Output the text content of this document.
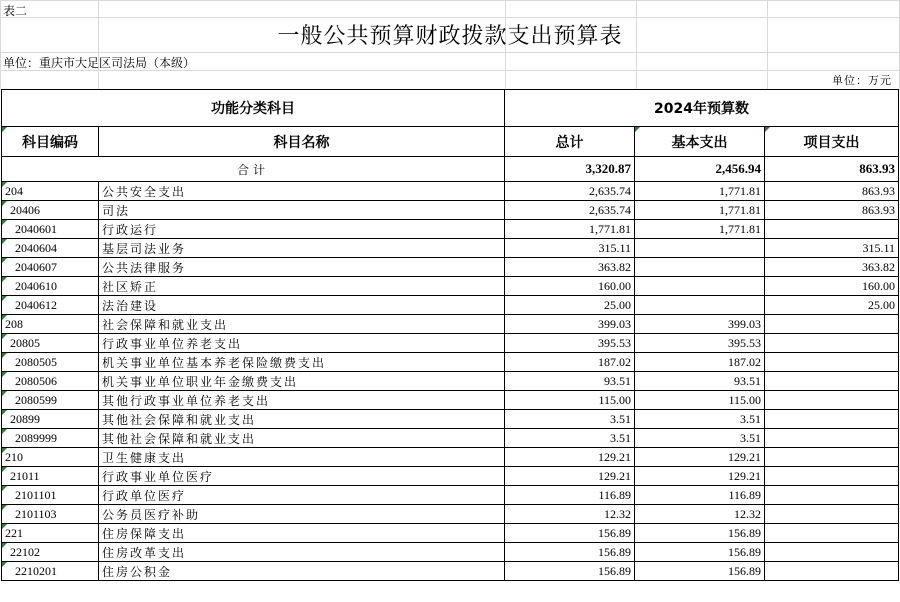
表二
一般公共预算财政拨款支出预算表
单位：重庆市大足区司法局（本级）
单位：万元
功能分类科目		2024年预算数		
科目编码	科目名称	总计	基本支出	项目支出
合计		3,320.87	2,456.94	863.93
204	公共安全支出	2,635.74	1,771.81	863.93
20406	司法	2,635.74	1,771.81	863.93
2040601	行政运行	1,771.81	1,771.81	
2040604	基层司法业务	315.11		315.11
2040607	公共法律服务	363.82		363.82
2040610	社区矫正	160.00		160.00
2040612	法治建设	25.00		25.00
208	社会保障和就业支出	399.03	399.03	
20805	行政事业单位养老支出	395.53	395.53	
2080505	机关事业单位基本养老保险缴费支出	187.02	187.02	
2080506	机关事业单位职业年金缴费支出	93.51	93.51	
2080599	其他行政事业单位养老支出	115.00	115.00	
20899	其他社会保障和就业支出	3.51	3.51	
2089999	其他社会保障和就业支出	3.51	3.51	
210	卫生健康支出	129.21	129.21	
21011	行政事业单位医疗	129.21	129.21	
2101101	行政单位医疗	116.89	116.89	
2101103	公务员医疗补助	12.32	12.32	
221	住房保障支出	156.89	156.89	
22102	住房改革支出	156.89	156.89	
2210201	住房公积金	156.89	156.89	
